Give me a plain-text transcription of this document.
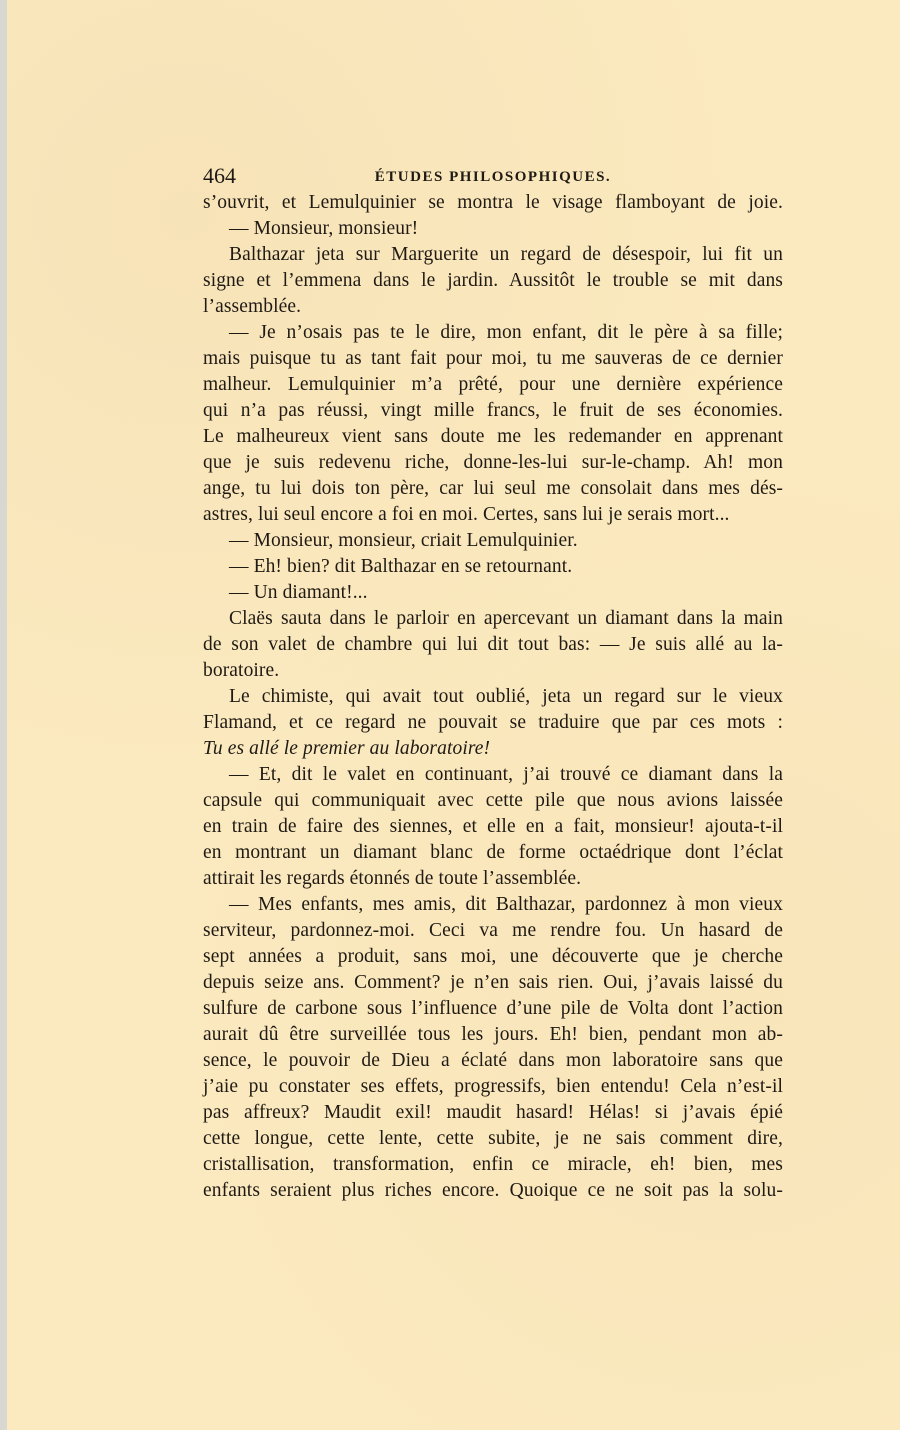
464	ÉTUDES PHILOSOPHIQUES.
s’ouvrit, et Lemulquinier se montra le visage flamboyant de joie.
— Monsieur, monsieur!
Balthazar jeta sur Marguerite un regard de désespoir, lui fit un
signe et l’emmena dans le jardin. Aussitôt le trouble se mit dans
l’assemblée.
— Je n’osais pas te le dire, mon enfant, dit le père à sa fille;
mais puisque tu as tant fait pour moi, tu me sauveras de ce dernier
malheur. Lemulquinier m’a prêté, pour une dernière expérience
qui n’a pas réussi, vingt mille francs, le fruit de ses économies.
Le malheureux vient sans doute me les redemander en apprenant
que je suis redevenu riche, donne-les-lui sur-le-champ. Ah! mon
ange, tu lui dois ton père, car lui seul me consolait dans mes dés-
astres, lui seul encore a foi en moi. Certes, sans lui je serais mort...
— Monsieur, monsieur, criait Lemulquinier.
— Eh! bien? dit Balthazar en se retournant.
— Un diamant!...
Claës sauta dans le parloir en apercevant un diamant dans la main
de son valet de chambre qui lui dit tout bas: — Je suis allé au la-
boratoire.
Le chimiste, qui avait tout oublié, jeta un regard sur le vieux
Flamand, et ce regard ne pouvait se traduire que par ces mots :
Tu es allé le premier au laboratoire!
— Et, dit le valet en continuant, j’ai trouvé ce diamant dans la
capsule qui communiquait avec cette pile que nous avions laissée
en train de faire des siennes, et elle en a fait, monsieur! ajouta-t-il
en montrant un diamant blanc de forme octaédrique dont l’éclat
attirait les regards étonnés de toute l’assemblée.
— Mes enfants, mes amis, dit Balthazar, pardonnez à mon vieux
serviteur, pardonnez-moi. Ceci va me rendre fou. Un hasard de
sept années a produit, sans moi, une découverte que je cherche
depuis seize ans. Comment? je n’en sais rien. Oui, j’avais laissé du
sulfure de carbone sous l’influence d’une pile de Volta dont l’action
aurait dû être surveillée tous les jours. Eh! bien, pendant mon ab-
sence, le pouvoir de Dieu a éclaté dans mon laboratoire sans que
j’aie pu constater ses effets, progressifs, bien entendu! Cela n’est-il
pas affreux? Maudit exil! maudit hasard! Hélas! si j’avais épié
cette longue, cette lente, cette subite, je ne sais comment dire,
cristallisation, transformation, enfin ce miracle, eh! bien, mes
enfants seraient plus riches encore. Quoique ce ne soit pas la solu-
